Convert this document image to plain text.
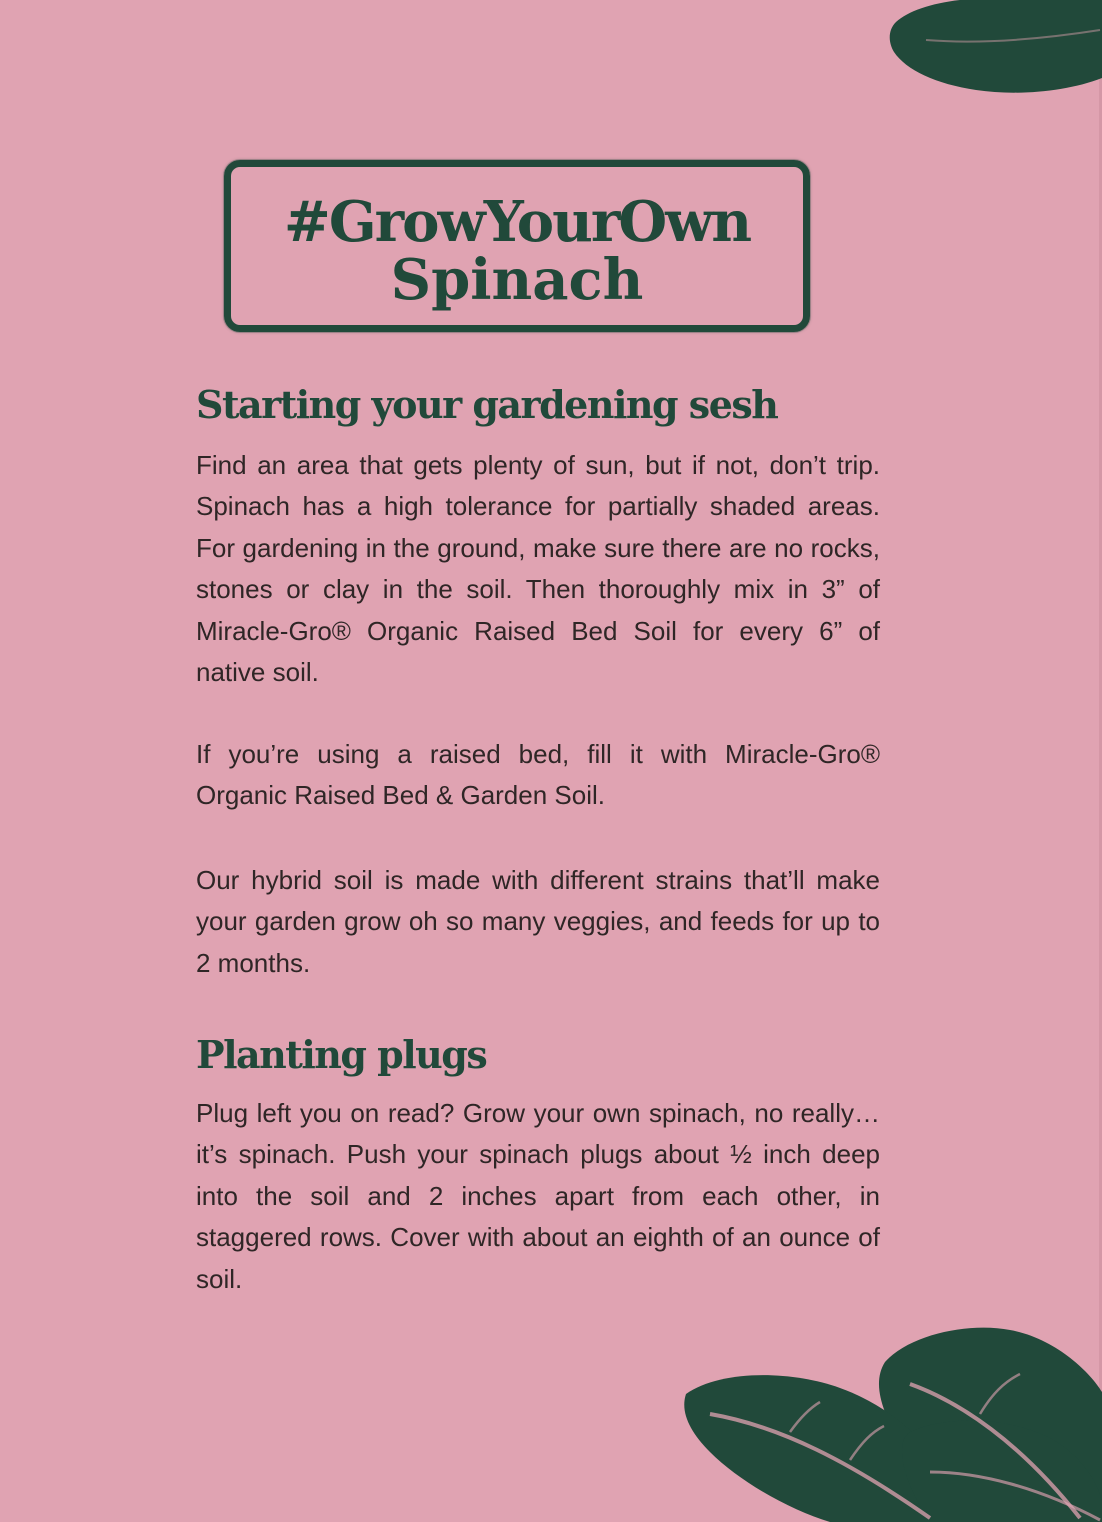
#GrowYourOwn
Spinach
Starting your gardening sesh

Find an area that gets plenty of sun, but if not, don’t trip. Spinach has a high tolerance for partially shaded areas. For gardening in the ground, make sure there are no rocks, stones or clay in the soil. Then thoroughly mix in 3” of Miracle-Gro® Organic Raised Bed Soil for every 6” of native soil.

If you’re using a raised bed, fill it with Miracle-Gro® Organic Raised Bed & Garden Soil.

Our hybrid soil is made with different strains that’ll make your garden grow oh so many veggies, and feeds for up to 2 months.

Planting plugs

Plug left you on read? Grow your own spinach, no really…it’s spinach. Push your spinach plugs about ½ inch deep into the soil and 2 inches apart from each other, in staggered rows. Cover with about an eighth of an ounce of soil.
